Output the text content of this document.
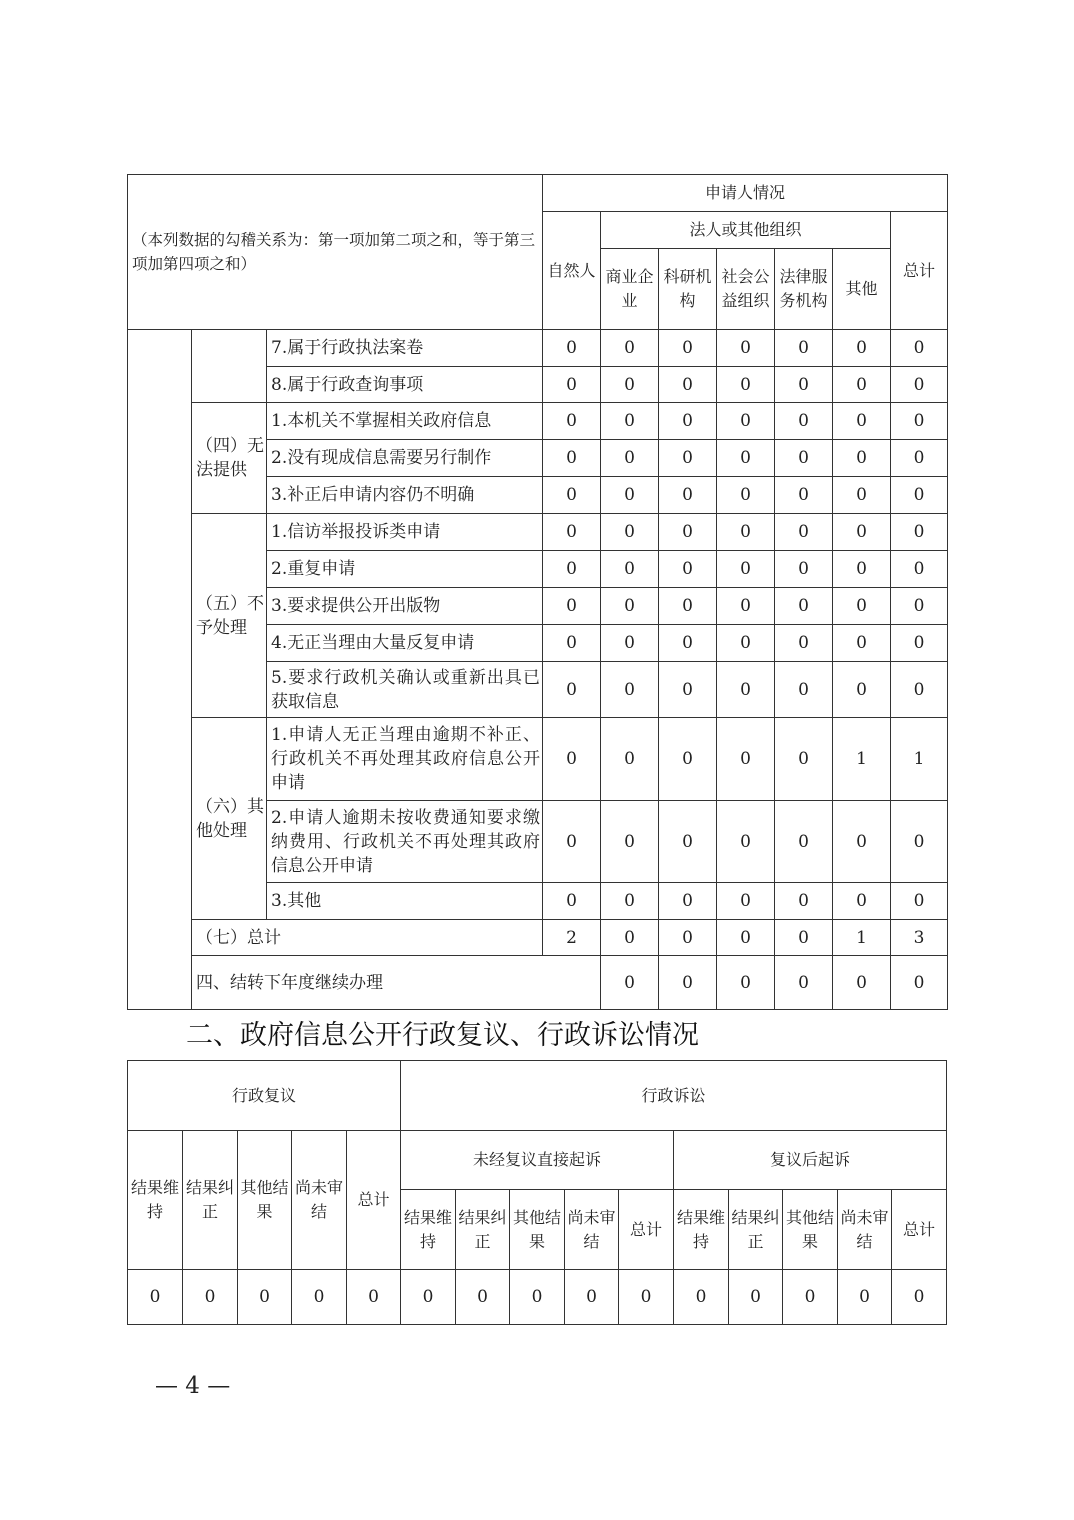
（本列数据的勾稽关系为：第一项加第二项之和，等于第三项加第四项之和）			申请人情况							
			自然人	法人或其他组织					总计	
				商业企业	科研机构	社会公益组织	法律服务机构	其他		
		7.属于行政执法案卷	0	0	0	0	0	0	0	
		8.属于行政查询事项	0	0	0	0	0	0	0	
	（四）无法提供	1.本机关不掌握相关政府信息	0	0	0	0	0	0	0	
		2.没有现成信息需要另行制作	0	0	0	0	0	0	0	
		3.补正后申请内容仍不明确	0	0	0	0	0	0	0	
	（五）不予处理	1.信访举报投诉类申请	0	0	0	0	0	0	0	
		2.重复申请	0	0	0	0	0	0	0	
		3.要求提供公开出版物	0	0	0	0	0	0	0	
		4.无正当理由大量反复申请	0	0	0	0	0	0	0	
		5.要求行政机关确认或重新出具已获取信息	0	0	0	0	0	0	0	
	（六）其他处理	1.申请人无正当理由逾期不补正、行政机关不再处理其政府信息公开申请	0	0	0	0	0	1	1	
		2.申请人逾期未按收费通知要求缴纳费用、行政机关不再处理其政府信息公开申请	0	0	0	0	0	0	0	
		3.其他	0	0	0	0	0	0	0	
	（七）总计		2	0	0	0	0	1	3	
	四、结转下年度继续办理			0	0	0	0	0	0	
二、政府信息公开行政复议、行政诉讼情况
行政复议					行政诉讼									
结果维持	结果纠正	其他结果	尚未审结	总计	未经复议直接起诉					复议后起诉				
					结果维持	结果纠正	其他结果	尚未审结	总计	结果维持	结果纠正	其他结果	尚未审结	总计
0	0	0	0	0	0	0	0	0	0	0	0	0	0	0
— 4 —
